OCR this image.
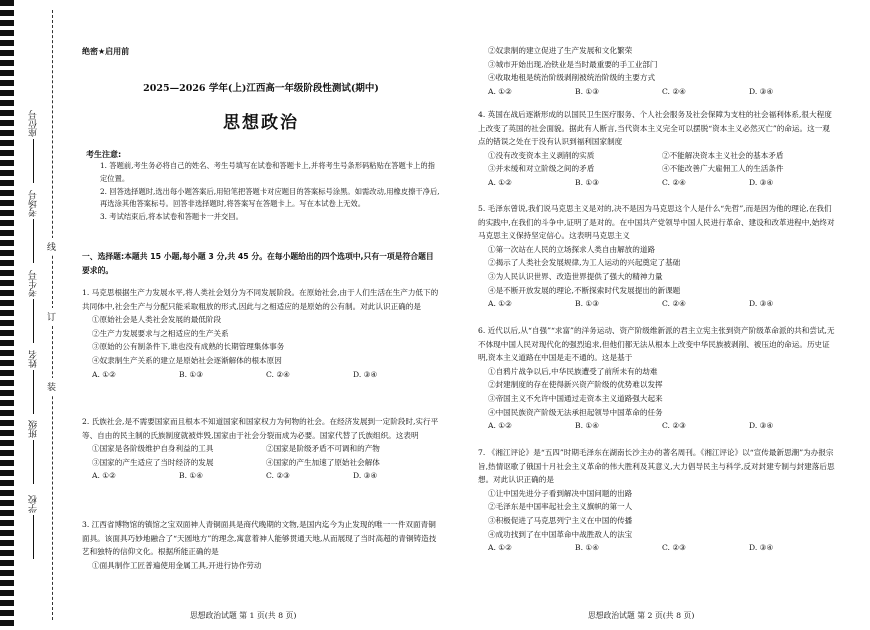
座位号
考场号
考生号
姓名
班级
学校
线
订
装
绝密★启用前
2025—2026 学年(上)江西高一年级阶段性测试(期中)
思想政治
考生注意:

1. 答题前,考生务必将自己的姓名、考生号填写在试卷和答题卡上,并将考生号条形码粘贴在答题卡上的指定位置。

2. 回答选择题时,选出每小题答案后,用铅笔把答题卡对应题目的答案标号涂黑。如需改动,用橡皮擦干净后,再选涂其他答案标号。回答非选择题时,将答案写在答题卡上。写在本试卷上无效。

3. 考试结束后,将本试卷和答题卡一并交回。

一、选择题:本题共 15 小题,每小题 3 分,共 45 分。在每小题给出的四个选项中,只有一项是符合题目要求的。

1. 马克思根据生产力发展水平,将人类社会划分为不同发展阶段。在原始社会,由于人们生活在生产力低下的共同体中,社会生产与分配只能采取粗放的形式,因此与之相适应的是原始的公有制。对此认识正确的是

①原始社会是人类社会发展的最低阶段

②生产力发展要求与之相适应的生产关系

③原始的公有制条件下,谁也没有成熟的长期管理集体事务

④奴隶制生产关系的建立是原始社会逐渐解体的根本原因

A. ①②	B. ①③	C. ②④	D. ③④

2. 氏族社会,是不需要国家而且根本不知道国家和国家权力为何物的社会。在经济发展到一定阶段时,实行平等、自由的民主制的氏族制度就被炸毁,国家由于社会分裂而成为必要。国家代替了氏族组织。这表明

①国家是各阶级维护自身利益的工具	②国家是阶级矛盾不可调和的产物
③国家的产生适应了当时经济的发展	④国家的产生加速了原始社会解体
A. ①②	B. ①④	C. ②③	D. ③④

3. 江西省博物馆的镇馆之宝双面神人青铜面具是商代晚期的文物,是国内迄今为止发现的唯一一件双面青铜面具。该面具巧妙地融合了“天圆地方”的理念,寓意着神人能够贯通天地,从而展现了当时高超的青铜铸造技艺和独特的信仰文化。根据所能正确的是

①面具制作工匠普遍使用金属工具,开进行协作劳动

思想政治试题 第 1 页(共 8 页)

②奴隶制的建立促进了生产发展和文化繁荣

③城市开始出现,冶铁业是当时最重要的手工业部门

④收取地租是统治阶级剥削被统治阶级的主要方式

A. ①②	B. ①③	C. ②④	D. ③④

4. 英国在战后逐渐形成的以国民卫生医疗服务、个人社会服务及社会保障为支柱的社会福利体系,很大程度上改变了英国的社会面貌。据此有人断言,当代资本主义完全可以摆脱“资本主义必然灭亡”的命运。这一观点的错误之处在于没有认识到福利国家制度

①没有改变资本主义剥削的实质	②不能解决资本主义社会的基本矛盾
③并未缓和对立阶级之间的矛盾	④不能改善广大雇佣工人的生活条件
A. ①②	B. ①③	C. ②④	D. ③④

5. 毛泽东曾说,我们说马克思主义是对的,决不是因为马克思这个人是什么“先哲”,而是因为他的理论,在我们的实践中,在我们的斗争中,证明了是对的。在中国共产党领导中国人民进行革命、建设和改革进程中,始终对马克思主义保持坚定信心。这表明马克思主义

①第一次站在人民的立场探求人类自由解放的道路

②揭示了人类社会发展规律,为工人运动的兴起奠定了基础

③为人民认识世界、改造世界提供了强大的精神力量

④是不断开放发展的理论,不断探索时代发展提出的新课题

A. ①②	B. ①③	C. ②④	D. ③④

6. 近代以后,从“自强”“求富”的洋务运动、资产阶级维新派的君主立宪主张到资产阶级革命派的共和尝试,无不体现中国人民对现代化的强烈追求,但他们都无法从根本上改变中华民族被剥削、被压迫的命运。历史证明,资本主义道路在中国是走不通的。这是基于

①自鸦片战争以后,中华民族遭受了前所未有的劫难

②封建制度的存在使得新兴资产阶级的优势难以发挥

③帝国主义不允许中国通过走资本主义道路强大起来

④中国民族资产阶级无法承担起领导中国革命的任务

A. ①②	B. ①④	C. ②③	D. ③④

7. 《湘江评论》是“五四”时期毛泽东在湖南长沙主办的著名周刊。《湘江评论》以“宣传最新思潮”为办报宗旨,热情讴歌了俄国十月社会主义革命的伟大胜利及其意义,大力倡导民主与科学,反对封建专制与封建落后思想。对此认识正确的是

①让中国先进分子看到解决中国问题的出路

②毛泽东是中国率起社会主义旗帜的第一人

③积极促进了马克思列宁主义在中国的传播

④成功找到了在中国革命中战胜敌人的法宝

A. ①②	B. ①④	C. ②③	D. ③④
思想政治试题 第 2 页(共 8 页)
